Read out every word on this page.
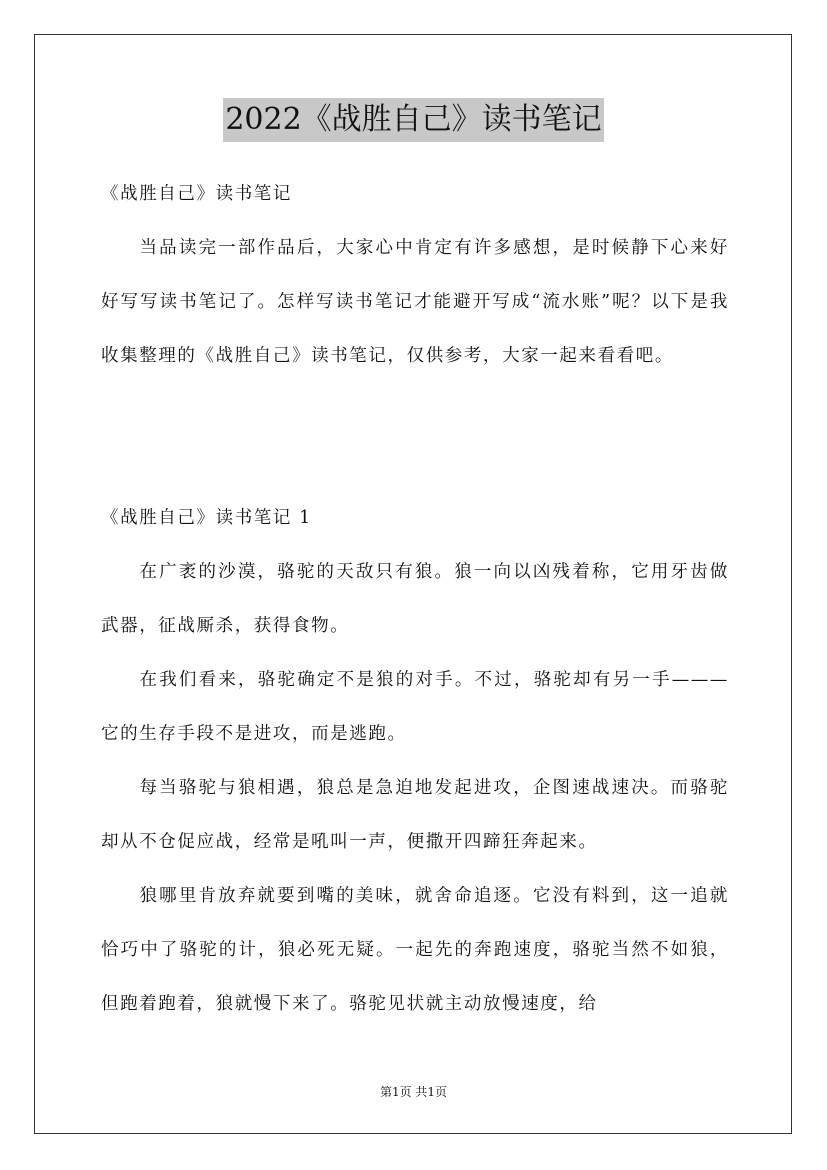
2022《战胜自己》读书笔记

《战胜自己》读书笔记

当品读完一部作品后，大家心中肯定有许多感想，是时候静下心来好好写写读书笔记了。怎样写读书笔记才能避开写成“流水账”呢？以下是我收集整理的《战胜自己》读书笔记，仅供参考，大家一起来看看吧。

《战胜自己》读书笔记 1

在广袤的沙漠，骆驼的天敌只有狼。狼一向以凶残着称，它用牙齿做武器，征战厮杀，获得食物。

在我们看来，骆驼确定不是狼的对手。不过，骆驼却有另一手———它的生存手段不是进攻，而是逃跑。

每当骆驼与狼相遇，狼总是急迫地发起进攻，企图速战速决。而骆驼却从不仓促应战，经常是吼叫一声，便撒开四蹄狂奔起来。

狼哪里肯放弃就要到嘴的美味，就舍命追逐。它没有料到，这一追就恰巧中了骆驼的计，狼必死无疑。一起先的奔跑速度，骆驼当然不如狼，但跑着跑着，狼就慢下来了。骆驼见状就主动放慢速度，给

第1页 共1页
